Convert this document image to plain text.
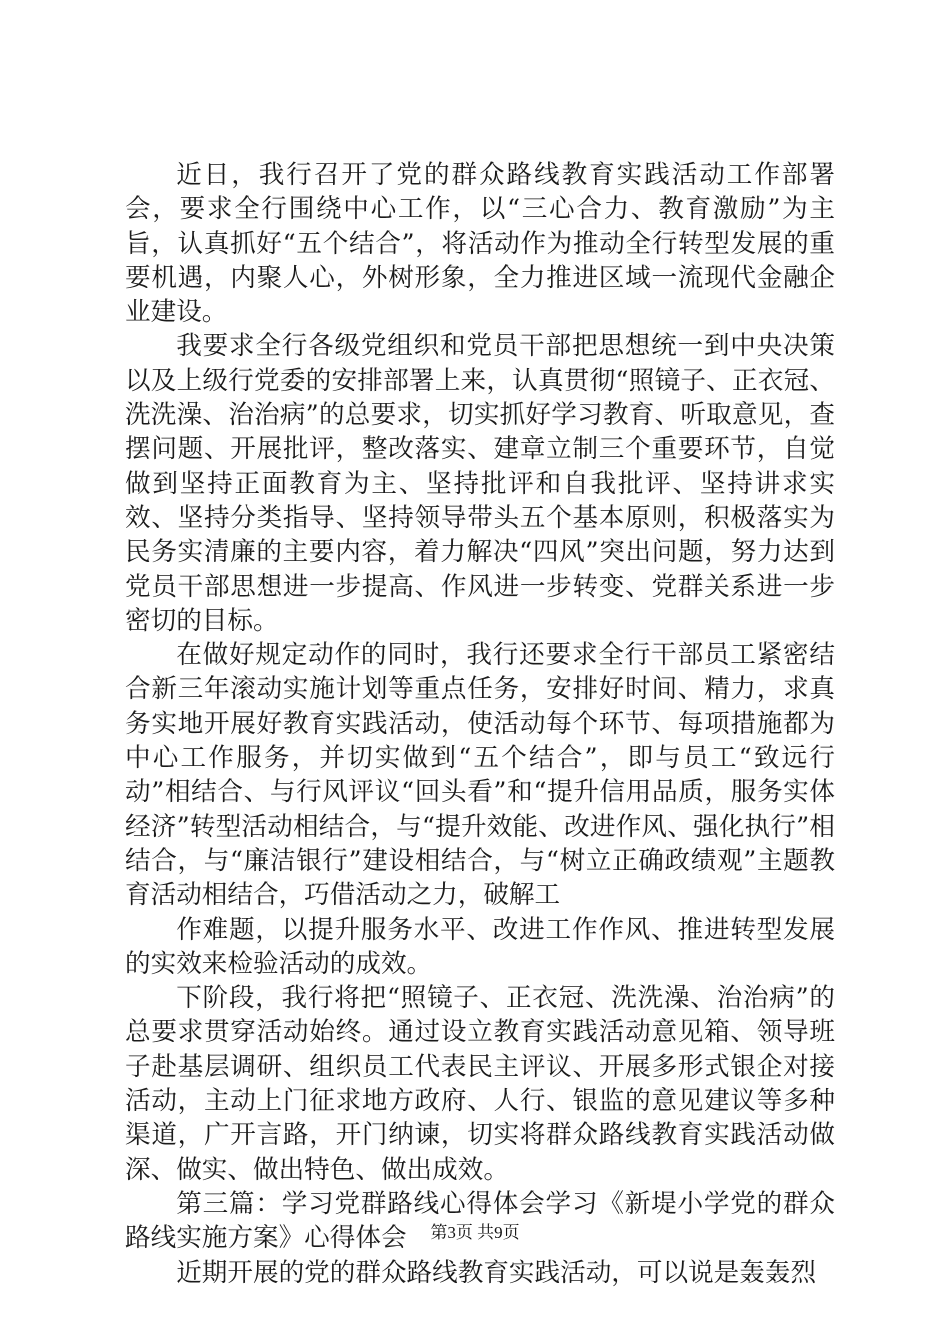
近日，我行召开了党的群众路线教育实践活动工作部署会，要求全行围绕中心工作，以“三心合力、教育激励”为主旨，认真抓好“五个结合”，将活动作为推动全行转型发展的重要机遇，内聚人心，外树形象，全力推进区域一流现代金融企业建设。

我要求全行各级党组织和党员干部把思想统一到中央决策以及上级行党委的安排部署上来，认真贯彻“照镜子、正衣冠、洗洗澡、治治病”的总要求，切实抓好学习教育、听取意见，查摆问题、开展批评，整改落实、建章立制三个重要环节，自觉做到坚持正面教育为主、坚持批评和自我批评、坚持讲求实效、坚持分类指导、坚持领导带头五个基本原则，积极落实为民务实清廉的主要内容，着力解决“四风”突出问题，努力达到党员干部思想进一步提高、作风进一步转变、党群关系进一步密切的目标。

在做好规定动作的同时，我行还要求全行干部员工紧密结合新三年滚动实施计划等重点任务，安排好时间、精力，求真务实地开展好教育实践活动，使活动每个环节、每项措施都为中心工作服务，并切实做到“五个结合”，即与员工“致远行动”相结合、与行风评议“回头看”和“提升信用品质，服务实体经济”转型活动相结合，与“提升效能、改进作风、强化执行”相结合，与“廉洁银行”建设相结合，与“树立正确政绩观”主题教育活动相结合，巧借活动之力，破解工

作难题，以提升服务水平、改进工作作风、推进转型发展的实效来检验活动的成效。

下阶段，我行将把“照镜子、正衣冠、洗洗澡、治治病”的总要求贯穿活动始终。通过设立教育实践活动意见箱、领导班子赴基层调研、组织员工代表民主评议、开展多形式银企对接活动，主动上门征求地方政府、人行、银监的意见建议等多种渠道，广开言路，开门纳谏，切实将群众路线教育实践活动做深、做实、做出特色、做出成效。

第三篇：学习党群路线心得体会学习《新堤小学党的群众路线实施方案》心得体会

近期开展的党的群众路线教育实践活动，可以说是轰轰烈

第3页 共9页
